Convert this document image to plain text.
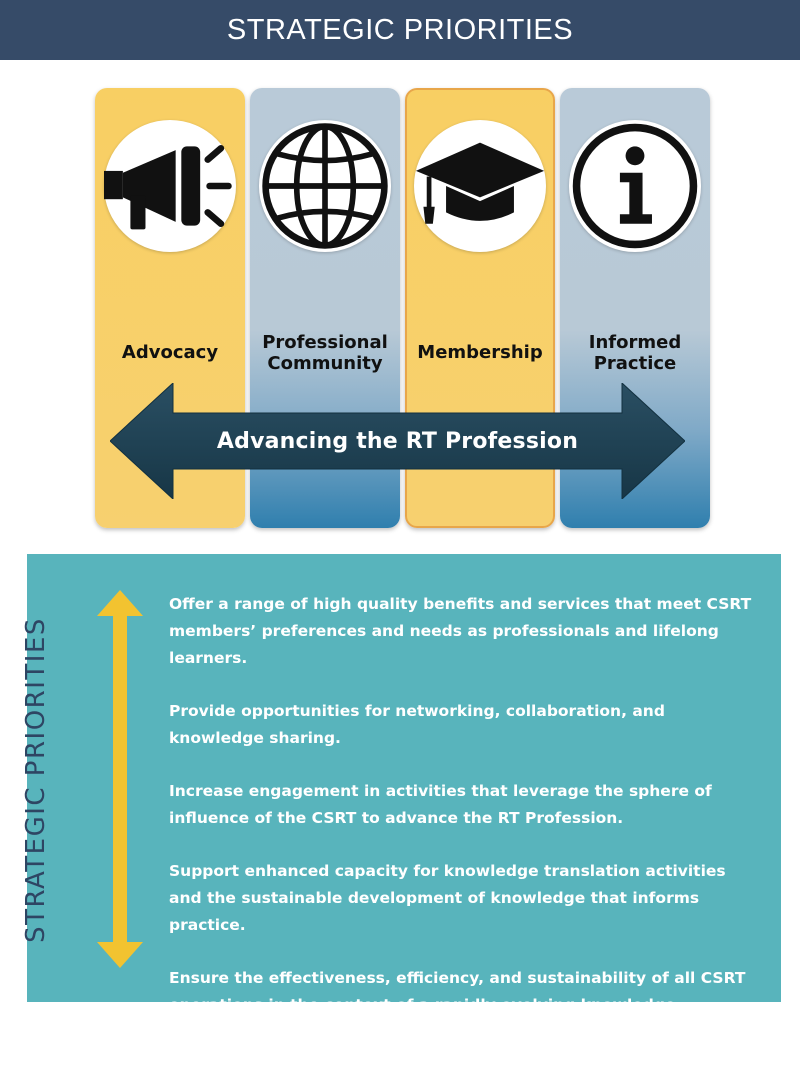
STRATEGIC PRIORITIES
Advocacy	Professional
Community
Membership	Informed
Practice
Advancing the RT Profession
STRATEGIC PRIORITIES

Offer a range of high quality benefits and services that meet CSRT members’ preferences and needs as professionals and lifelong learners.

Provide opportunities for networking, collaboration, and knowledge sharing.

Increase engagement in activities that leverage the sphere of influence of the CSRT to advance the RT Profession.

Support enhanced capacity for knowledge translation activities and the sustainable development of knowledge that informs practice.

Ensure the effectiveness, efficiency, and sustainability of all CSRT operations in the context of a rapidly evolving knowledge economy.
